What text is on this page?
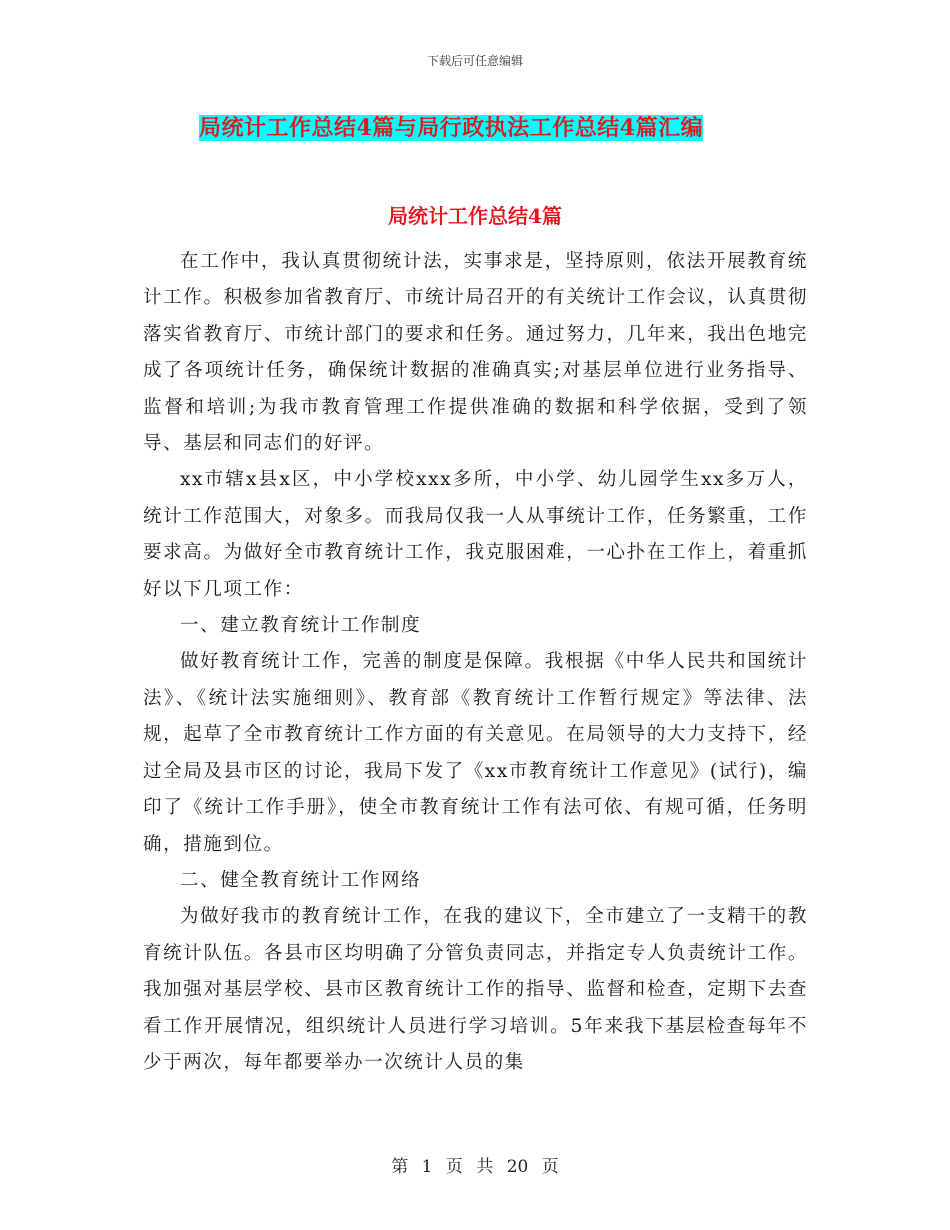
下载后可任意编辑
局统计工作总结4篇与局行政执法工作总结4篇汇编
局统计工作总结4篇

在工作中，我认真贯彻统计法，实事求是，坚持原则，依法开展教育统计工作。积极参加省教育厅、市统计局召开的有关统计工作会议，认真贯彻落实省教育厅、市统计部门的要求和任务。通过努力，几年来，我出色地完成了各项统计任务，确保统计数据的准确真实;对基层单位进行业务指导、监督和培训;为我市教育管理工作提供准确的数据和科学依据，受到了领导、基层和同志们的好评。

xx市辖x县x区，中小学校xxx多所，中小学、幼儿园学生xx多万人，统计工作范围大，对象多。而我局仅我一人从事统计工作，任务繁重，工作要求高。为做好全市教育统计工作，我克服困难，一心扑在工作上，着重抓好以下几项工作：

一、建立教育统计工作制度

做好教育统计工作，完善的制度是保障。我根据《中华人民共和国统计法》、《统计法实施细则》、教育部《教育统计工作暂行规定》等法律、法规，起草了全市教育统计工作方面的有关意见。在局领导的大力支持下，经过全局及县市区的讨论，我局下发了《xx市教育统计工作意见》(试行)，编印了《统计工作手册》，使全市教育统计工作有法可依、有规可循，任务明确，措施到位。

二、健全教育统计工作网络

为做好我市的教育统计工作，在我的建议下，全市建立了一支精干的教育统计队伍。各县市区均明确了分管负责同志，并指定专人负责统计工作。我加强对基层学校、县市区教育统计工作的指导、监督和检查，定期下去查看工作开展情况，组织统计人员进行学习培训。5年来我下基层检查每年不少于两次，每年都要举办一次统计人员的集

第 1 页 共 20 页
